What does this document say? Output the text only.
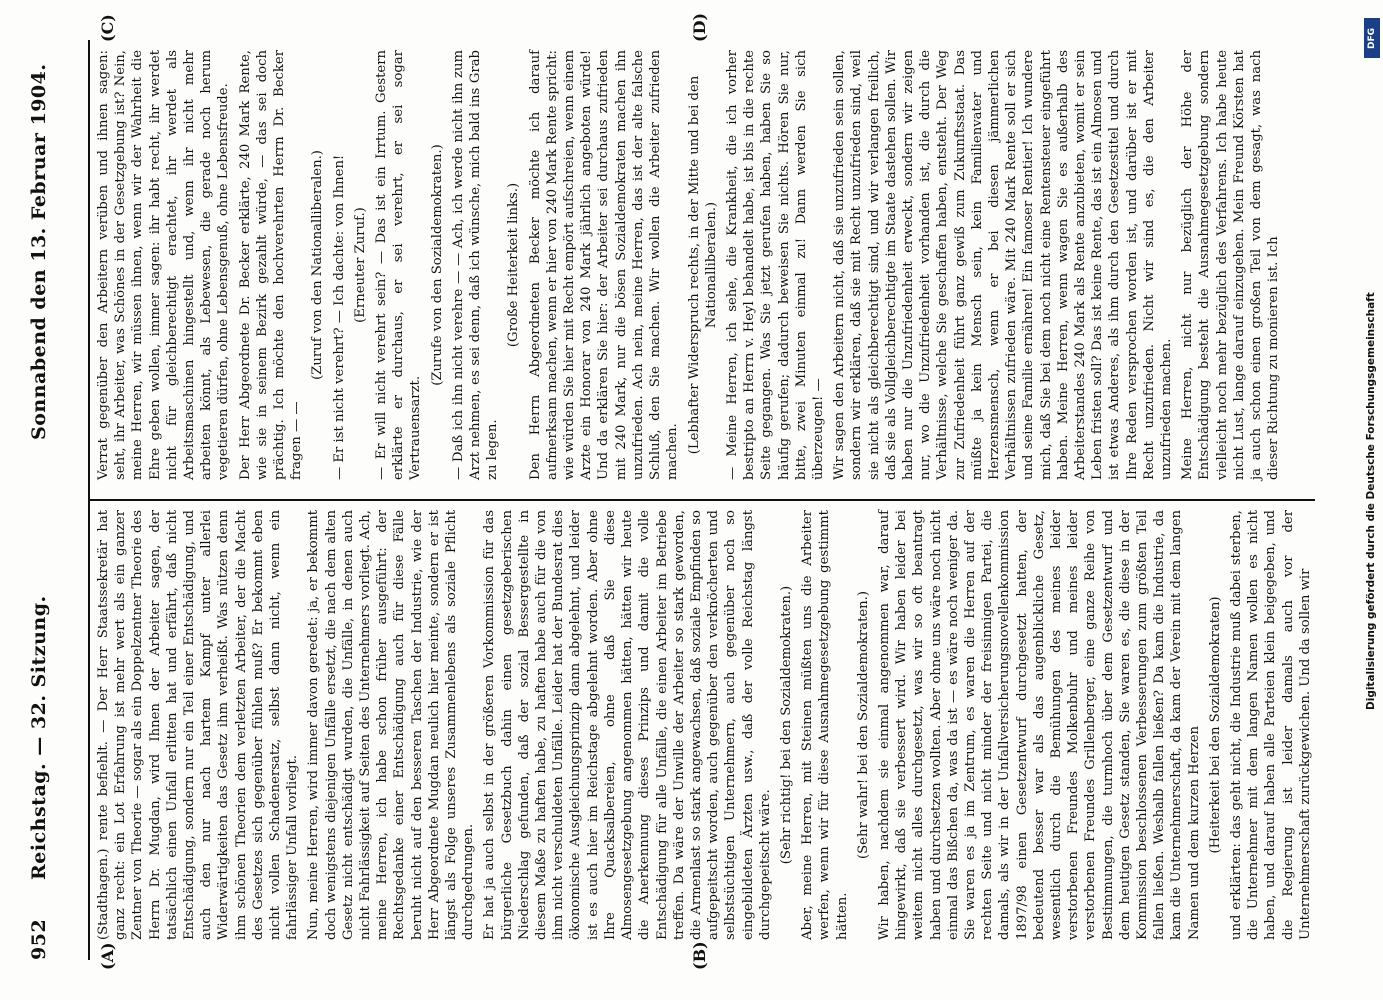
952
Reichstag. — 32. Sitzung.
Sonnabend den 13. Februar 1904.
(A)	(B)
(C)	(D)

(Stadthagen.) rente befiehlt. — Der Herr Staatssekretär hat ganz recht: ein Lot Erfahrung ist mehr wert als ein ganzer Zentner von Theorie — sogar als ein Doppelzentner Theorie des Herrn Dr. Mugdan, wird Ihnen der Arbeiter sagen, der tatsächlich einen Unfall erlitten hat und erfährt, daß nicht Entschädigung, sondern nur ein Teil einer Entschädigung, und auch den nur nach hartem Kampf unter allerlei Widerwärtigkeiten das Gesetz ihm verheißt. Was nützen denn ihm schönen Theorien dem verletzten Arbeiter, der die Macht des Gesetzes sich gegenüber fühlen muß? Er bekommt eben nicht vollen Schadenersatz, selbst dann nicht, wenn ein fahrlässiger Unfall vorliegt. Nun, meine Herren, wird immer davon geredet: ja, er bekommt doch wenigstens diejenigen Unfälle ersetzt, die nach dem alten Gesetz nicht entschädigt wurden, die Unfälle, in denen auch nicht Fahrlässigkeit auf Seiten des Unternehmers vorliegt. Ach, meine Herren, ich habe schon früher ausgeführt: der Rechtsgedanke einer Entschädigung auch für diese Fälle beruht nicht auf den besseren Taschen der Industrie, wie der Herr Abgeordnete Mugdan neulich hier meinte, sondern er ist längst als Folge unseres Zusammenlebens als soziale Pflicht durchgedrungen. Er hat ja auch selbst in der größeren Vorkommission für das bürgerliche Gesetzbuch dahin einen gesetzgeberischen Niederschlag gefunden, daß der sozial Bessergestellte in diesem Maße zu haften habe, zu haften habe auch für die von ihm nicht verschuldeten Unfälle. Leider hat der Bundesrat dies ökonomische Ausgleichungsprinzip dann abgelehnt, und leider ist es auch hier im Reichstage abgelehnt worden. Aber ohne Ihre Quacksalbereien, ohne daß Sie diese Almosengesetzgebung angenommen hätten, hätten wir heute die Anerkennung dieses Prinzips und damit die volle Entschädigung für alle Unfälle, die einen Arbeiter im Betriebe treffen. Da wäre der Unwille der Arbeiter so stark geworden, die Armenlast so stark angewachsen, daß soziale Empfinden so aufgepeitscht worden, auch gegenüber den verknöcherten und selbstsüchtigen Unternehmern, auch gegenüber noch so eingebildeten Ärzten usw., daß der volle Reichstag längst durchgepeitscht wäre.

(Sehr richtig! bei den Sozialdemokraten.) Aber, meine Herren, mit Steinen müßten uns die Arbeiter werfen, wenn wir für diese Ausnahmegesetzgebung gestimmt hätten.

(Sehr wahr! bei den Sozialdemokraten.) Wir haben, nachdem sie einmal angenommen war, darauf hingewirkt, daß sie verbessert wird. Wir haben leider bei weitem nicht alles durchgesetzt, was wir so oft beantragt haben und durchsetzen wollten. Aber ohne uns wäre noch nicht einmal das Bißchen da, was da ist — es wäre noch weniger da. Sie waren es ja im Zentrum, es waren die Herren auf der rechten Seite und nicht minder der freisinnigen Partei, die damals, als wir in der Unfallversicherungsnovellenkommission 1897/98 einen Gesetzentwurf durchgesetzt hatten, der bedeutend besser war als das augenblickliche Gesetz, wesentlich durch die Bemühungen des meines leider verstorbenen Freundes Molkenbuhr und meines leider verstorbenen Freundes Grillenberger, eine ganze Reihe von Bestimmungen, die turmhoch über dem Gesetzentwurf und dem heutigen Gesetz standen, Sie waren es, die diese in der Kommission beschlossenen Verbesserungen zum größten Teil fallen ließen. Weshalb fallen ließen? Da kam die Industrie, da kam die Unternehmerschaft, da kam der Verein mit dem langen Namen und dem kurzen Herzen (Heiterkeit bei den Sozialdemokraten) und erklärten: das geht nicht, die Industrie muß dabei sterben, die Unternehmer mit dem langen Namen wollen es nicht haben, und darauf haben alle Parteien klein beigegeben, und die Regierung ist leider damals auch vor der Unternehmerschaft zurückgewichen. Und da sollen wir

Verrat gegenüber den Arbeitern verüben und ihnen sagen: seht, ihr Arbeiter, was Schönes in der Gesetzgebung ist? Nein, meine Herren, wir müssen ihnen, wenn wir der Wahrheit die Ehre geben wollen, immer sagen: ihr habt recht, ihr werdet nicht für gleichberechtigt erachtet, ihr werdet als Arbeitsmaschinen hingestellt und, wenn ihr nicht mehr arbeiten könnt, als Lebewesen, die gerade noch herum vegetieren dürfen, ohne Lebensgenuß, ohne Lebensfreude. Der Herr Abgeordnete Dr. Becker erklärte, 240 Mark Rente, wie sie in seinem Bezirk gezahlt würde, — das sei doch prächtig. Ich möchte den hochverehrten Herrn Dr. Becker fragen — —

(Zuruf von den Nationalliberalen.) — Er ist nicht verehrt? — Ich dachte: von Ihnen! (Erneuter Zuruf.) — Er will nicht verehrt sein? — Das ist ein Irrtum. Gestern erklärte er durchaus, er sei verehrt, er sei sogar Vertrauensarzt.

(Zurufe von den Sozialdemokraten.) — Daß ich ihn nicht verehre — — Ach, ich werde nicht ihn zum Arzt nehmen, es sei denn, daß ich wünsche, mich bald ins Grab zu legen.

(Große Heiterkeit links.) Den Herrn Abgeordneten Becker möchte ich darauf aufmerksam machen, wenn er hier von 240 Mark Rente spricht: wie würden Sie hier mit Recht empört aufschreien, wenn einem Arzte ein Honorar von 240 Mark jährlich angeboten würde! Und da erklären Sie hier: der Arbeiter sei durchaus zufrieden mit 240 Mark, nur die bösen Sozialdemokraten machen ihn unzufrieden. Ach nein, meine Herren, das ist der alte falsche Schluß, den Sie machen. Wir wollen die Arbeiter zufrieden machen. (Lebhafter Widerspruch rechts, in der Mitte und bei den Nationalliberalen.) — Meine Herren, ich sehe, die Krankheit, die ich vorher bestripto an Herrn v. Heyl behandelt habe, ist bis in die rechte Seite gegangen. Was Sie jetzt gerufen haben, haben Sie so häufig gerufen; dadurch beweisen Sie nichts. Hören Sie nur, bitte, zwei Minuten einmal zu! Dann werden Sie sich überzeugen! — Wir sagen den Arbeitern nicht, daß sie unzufrieden sein sollen, sondern wir erklären, daß sie mit Recht unzufrieden sind, weil sie nicht als gleichberechtigt sind, und wir verlangen freilich, daß sie als Vollgleichberechtigte im Staate dastehen sollen. Wir haben nur die Unzufriedenheit erweckt, sondern wir zeigen nur, wo die Unzufriedenheit vorhanden ist, die durch die Verhältnisse, welche Sie geschaffen haben, entsteht. Der Weg zur Zufriedenheit führt ganz gewiß zum Zukunftsstaat. Das müßte ja kein Mensch sein, kein Familienvater und Herzensmensch, wenn er bei diesen jämmerlichen Verhältnissen zufrieden wäre. Mit 240 Mark Rente soll er sich und seine Familie ernähren! Ein famoser Rentier! Ich wundere mich, daß Sie bei dem noch nicht eine Rentensteuer eingeführt haben. Meine Herren, wenn wagen Sie es außerhalb des Arbeiterstandes 240 Mark als Rente anzubieten, womit er sein Leben fristen soll? Das ist keine Rente, das ist ein Almosen und ist etwas Anderes, als ihm durch den Gesetzestitel und durch Ihre Reden versprochen worden ist, und darüber ist er mit Recht unzufrieden. Nicht wir sind es, die den Arbeiter unzufrieden machen. Meine Herren, nicht nur bezüglich der Höhe der Entschädigung besteht die Ausnahmegesetzgebung sondern vielleicht noch mehr bezüglich des Verfahrens. Ich habe heute nicht Lust, lange darauf einzugehen. Mein Freund Körsten hat ja auch schon einen großen Teil von dem gesagt, was nach dieser Richtung zu monieren ist. Ich

DFG
Digitalisierung gefördert durch die Deutsche Forschungsgemeinschaft
